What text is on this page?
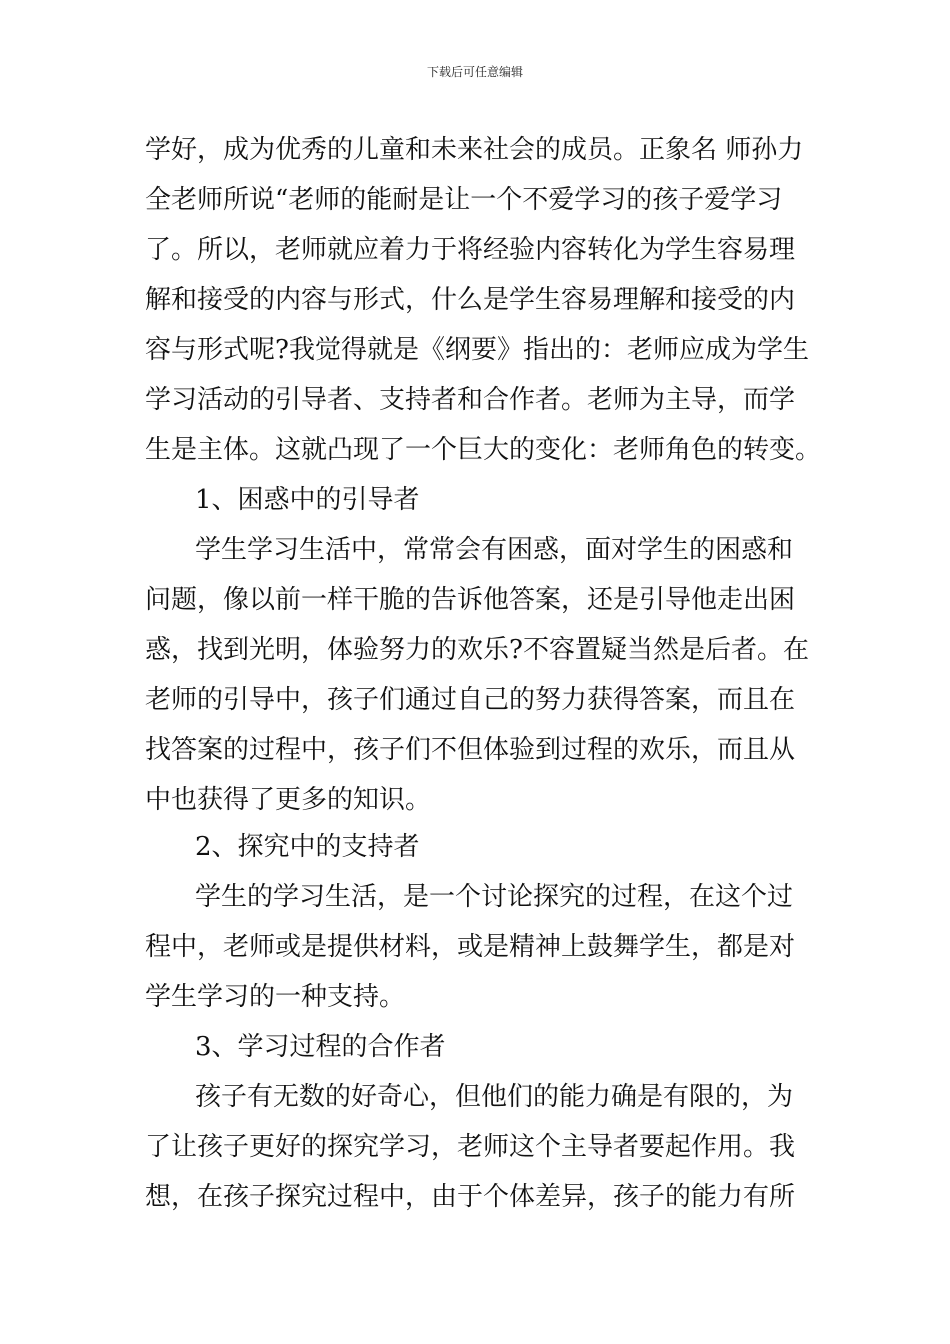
下载后可任意编辑
学好，成为优秀的儿童和未来社会的成员。正象名 师孙力
全老师所说“老师的能耐是让一个不爱学习的孩子爱学习
了。所以，老师就应着力于将经验内容转化为学生容易理
解和接受的内容与形式，什么是学生容易理解和接受的内
容与形式呢?我觉得就是《纲要》指出的：老师应成为学生
学习活动的引导者、支持者和合作者。老师为主导，而学
生是主体。这就凸现了一个巨大的变化：老师角色的转变。
1、困惑中的引导者
学生学习生活中，常常会有困惑，面对学生的困惑和
问题，像以前一样干脆的告诉他答案，还是引导他走出困
惑，找到光明，体验努力的欢乐?不容置疑当然是后者。在
老师的引导中，孩子们通过自己的努力获得答案，而且在
找答案的过程中，孩子们不但体验到过程的欢乐，而且从
中也获得了更多的知识。
2、探究中的支持者
学生的学习生活，是一个讨论探究的过程，在这个过
程中，老师或是提供材料，或是精神上鼓舞学生，都是对
学生学习的一种支持。
3、学习过程的合作者
孩子有无数的好奇心，但他们的能力确是有限的，为
了让孩子更好的探究学习，老师这个主导者要起作用。我
想，在孩子探究过程中，由于个体差异，孩子的能力有所
